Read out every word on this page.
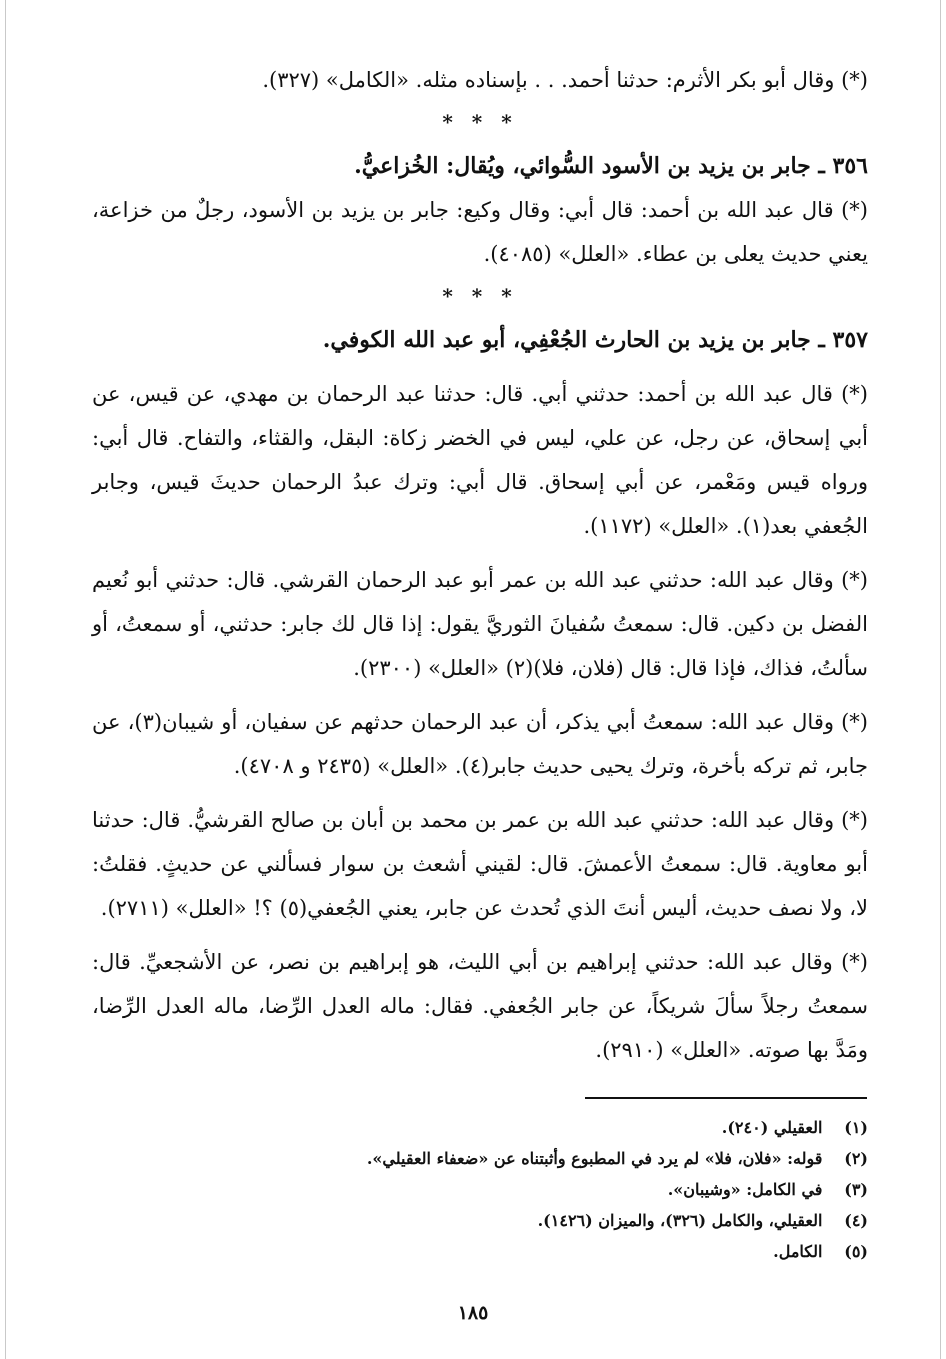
(*) وقال أبو بكر الأثرم: حدثنا أحمد. . . بإسناده مثله. «الكامل» (٣٢٧).

* * *
٣٥٦ ـ جابر بن يزيد بن الأسود السُّوائي، ويُقال: الخُزاعيُّ.

(*) قال عبد الله بن أحمد: قال أبي: وقال وكيع: جابر بن يزيد بن الأسود، رجلٌ من خزاعة، يعني حديث يعلى بن عطاء. «العلل» (٤٠٨٥).

* * *
٣٥٧ ـ جابر بن يزيد بن الحارث الجُعْفِي، أبو عبد الله الكوفي.

(*) قال عبد الله بن أحمد: حدثني أبي. قال: حدثنا عبد الرحمان بن مهدي، عن قيس، عن أبي إسحاق، عن رجل، عن علي، ليس في الخضر زكاة: البقل، والقثاء، والتفاح. قال أبي: ورواه قيس ومَعْمر، عن أبي إسحاق. قال أبي: وترك عبدُ الرحمان حديثَ قيس، وجابر الجُعفي بعد(١). «العلل» (١١٧٢).

(*) وقال عبد الله: حدثني عبد الله بن عمر أبو عبد الرحمان القرشي. قال: حدثني أبو نُعيم الفضل بن دكين. قال: سمعتُ سُفيانَ الثوريَّ يقول: إذا قال لك جابر: حدثني، أو سمعتُ، أو سألتُ، فذاك، فإذا قال: قال (فلان، فلا)(٢) «العلل» (٢٣٠٠).

(*) وقال عبد الله: سمعتُ أبي يذكر، أن عبد الرحمان حدثهم عن سفيان، أو شيبان(٣)، عن جابر، ثم تركه بأخرة، وترك يحيى حديث جابر(٤). «العلل» (٢٤٣٥ و ٤٧٠٨).

(*) وقال عبد الله: حدثني عبد الله بن عمر بن محمد بن أبان بن صالح القرشيُّ. قال: حدثنا أبو معاوية. قال: سمعتُ الأعمشَ. قال: لقيني أشعث بن سوار فسألني عن حديثٍ. فقلتُ: لا، ولا نصف حديث، أليس أنتَ الذي تُحدث عن جابر، يعني الجُعفي(٥) ؟! «العلل» (٢٧١١).

(*) وقال عبد الله: حدثني إبراهيم بن أبي الليث، هو إبراهيم بن نصر، عن الأشجعيِّ. قال: سمعتُ رجلاً سألَ شريكاً، عن جابر الجُعفي. فقال: ماله العدل الرِّضا، ماله العدل الرِّضا، ومَدَّ بها صوته. «العلل» (٢٩١٠).

(١) العقيلي (٢٤٠).
(٢) قوله: «فلان، فلا» لم يرد في المطبوع وأثبتناه عن «ضعفاء العقيلي».
(٣) في الكامل: «وشيبان».
(٤) العقيلي، والكامل (٣٢٦)، والميزان (١٤٢٦).
(٥) الكامل.
١٨٥
